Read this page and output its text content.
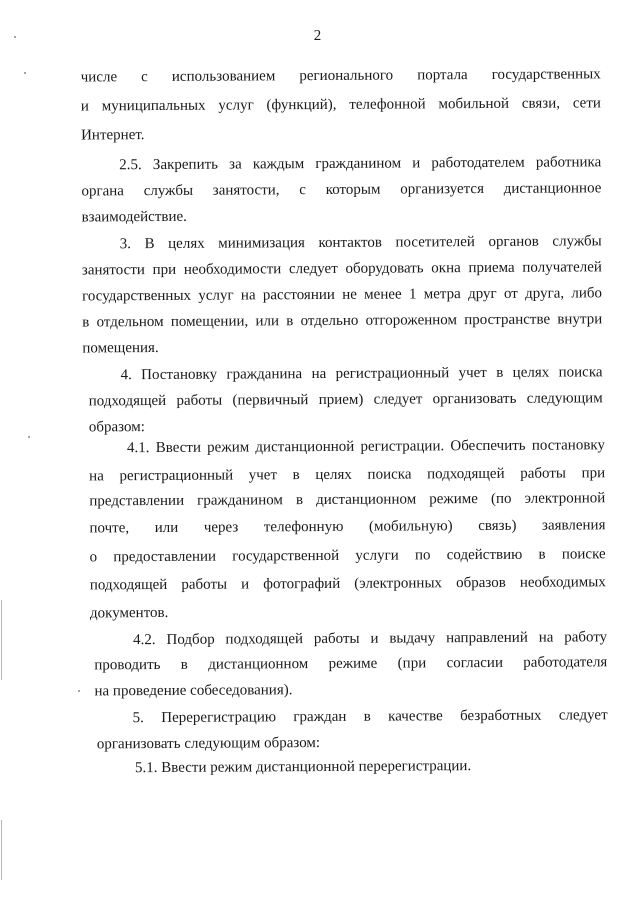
2
числе с использованием регионального портала государственных
и муниципальных услуг (функций), телефонной мобильной связи, сети
Интернет.
2.5. Закрепить за каждым гражданином и работодателем работника
органа службы занятости, с которым организуется дистанционное
взаимодействие.
3. В целях минимизация контактов посетителей органов службы
занятости при необходимости следует оборудовать окна приема получателей
государственных услуг на расстоянии не менее 1 метра друг от друга, либо
в отдельном помещении, или в отдельно отгороженном пространстве внутри
помещения.
4. Постановку гражданина на регистрационный учет в целях поиска
подходящей работы (первичный прием) следует организовать следующим
образом:
4.1. Ввести режим дистанционной регистрации. Обеспечить постановку
на регистрационный учет в целях поиска подходящей работы при
представлении гражданином в дистанционном режиме (по электронной
почте, или через телефонную (мобильную) связь) заявления
о предоставлении государственной услуги по содействию в поиске
подходящей работы и фотографий (электронных образов необходимых
документов.
4.2. Подбор подходящей работы и выдачу направлений на работу
проводить в дистанционном режиме (при согласии работодателя
на проведение собеседования).
5. Перерегистрацию граждан в качестве безработных следует
организовать следующим образом:
5.1. Ввести режим дистанционной перерегистрации.
